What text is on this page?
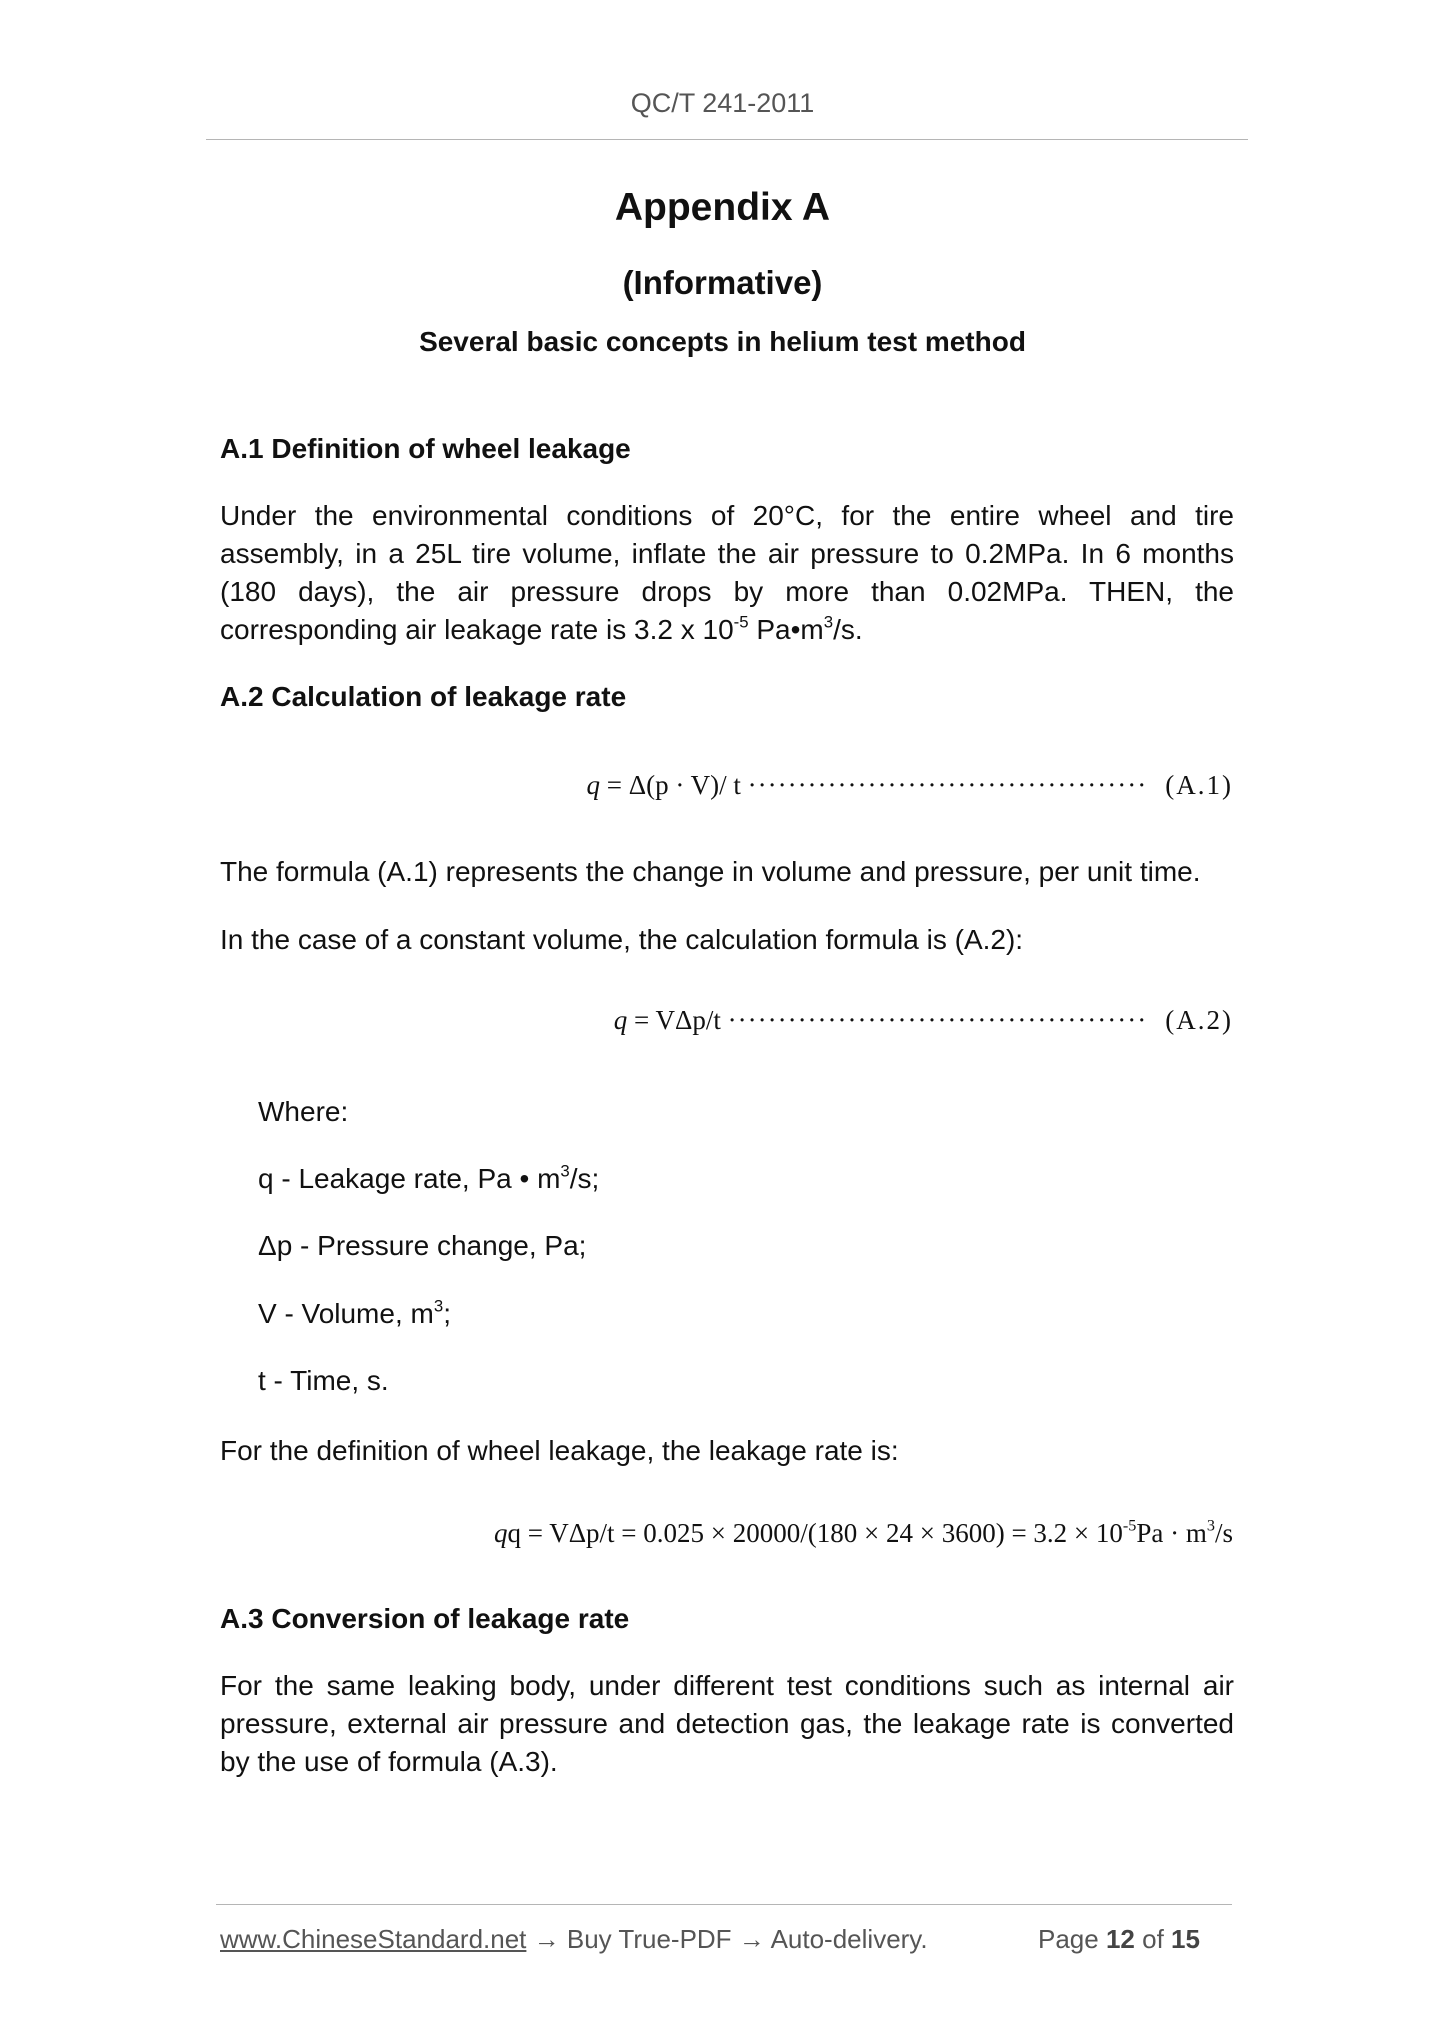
QC/T 241-2011
Appendix A
(Informative)
Several basic concepts in helium test method
A.1 Definition of wheel leakage
Under the environmental conditions of 20°C, for the entire wheel and tire
assembly, in a 25L tire volume, inflate the air pressure to 0.2MPa. In 6 months
(180 days), the air pressure drops by more than 0.02MPa. THEN, the
corresponding air leakage rate is 3.2 x $10^{-5}$ $Pa•m^3/s$.
A.2 Calculation of leakage rate
q = Δ(p · V)/ t ········································ (A.1)
The formula (A.1) represents the change in volume and pressure, per unit time.
In the case of a constant volume, the calculation formula is (A.2):
q = VΔp/t ·········································· (A.2)
Where:
q - Leakage rate, Pa • $m^3/s$;
Δp - Pressure change, Pa;
V - Volume, $m^3$;
t - Time, s.
For the definition of wheel leakage, the leakage rate is:
qq = $V\Delta p/t = 0.025 \times 20000/(180 \times 24 \times 3600) = 3.2 \times 10^{-5}Pa \cdot m^3/s$
A.3 Conversion of leakage rate
For the same leaking body, under different test conditions such as internal air
pressure, external air pressure and detection gas, the leakage rate is converted
by the use of formula (A.3).
www.ChineseStandard.net → Buy True-PDF → Auto-delivery.	Page 12 of 15
